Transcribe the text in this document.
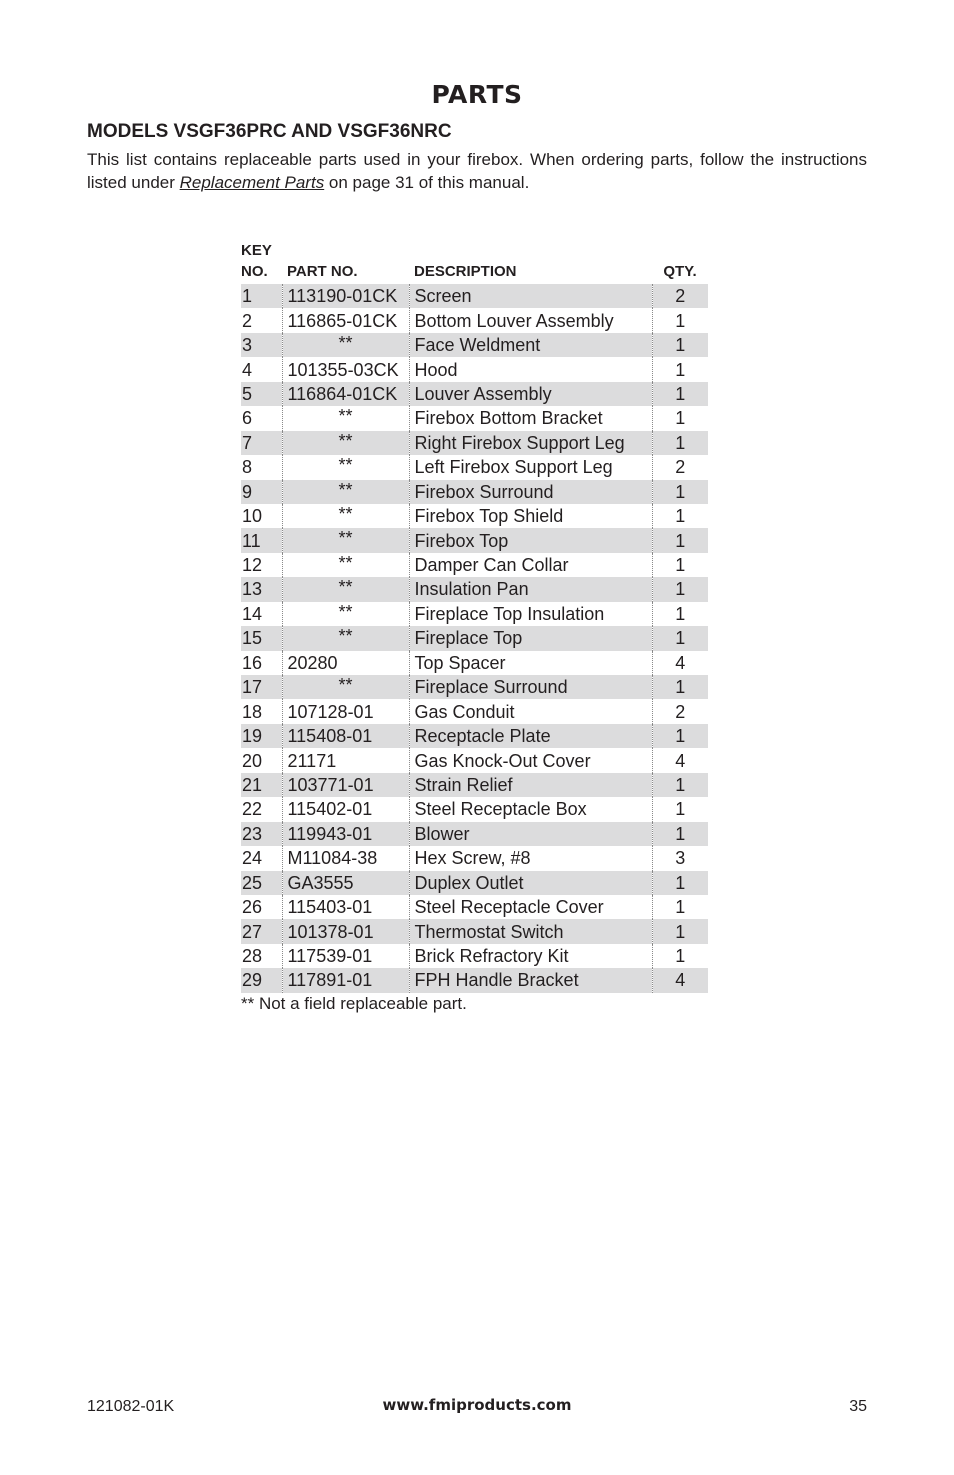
PARTS
MODELS VSGF36PRC AND VSGF36NRC
This list contains replaceable parts used in your firebox. When ordering parts, follow the instructions listed under Replacement Parts on page 31 of this manual.
KEY
NO.	PART NO.	DESCRIPTION	QTY.
1	113190-01CK	Screen	2
2	116865-01CK	Bottom Louver Assembly	1
3	**	Face Weldment	1
4	101355-03CK	Hood	1
5	116864-01CK	Louver Assembly	1
6	**	Firebox Bottom Bracket	1
7	**	Right Firebox Support Leg	1
8	**	Left Firebox Support Leg	2
9	**	Firebox Surround	1
10	**	Firebox Top Shield	1
11	**	Firebox Top	1
12	**	Damper Can Collar	1
13	**	Insulation Pan	1
14	**	Fireplace Top Insulation	1
15	**	Fireplace Top	1
16	20280	Top Spacer	4
17	**	Fireplace Surround	1
18	107128-01	Gas Conduit	2
19	115408-01	Receptacle Plate	1
20	21171	Gas Knock-Out Cover	4
21	103771-01	Strain Relief	1
22	115402-01	Steel Receptacle Box	1
23	119943-01	Blower	1
24	M11084-38	Hex Screw, #8	3
25	GA3555	Duplex Outlet	1
26	115403-01	Steel Receptacle Cover	1
27	101378-01	Thermostat Switch	1
28	117539-01	Brick Refractory Kit	1
29	117891-01	FPH Handle Bracket	4
** Not a field replaceable part.
121082-01K	www.fmiproducts.com	35
